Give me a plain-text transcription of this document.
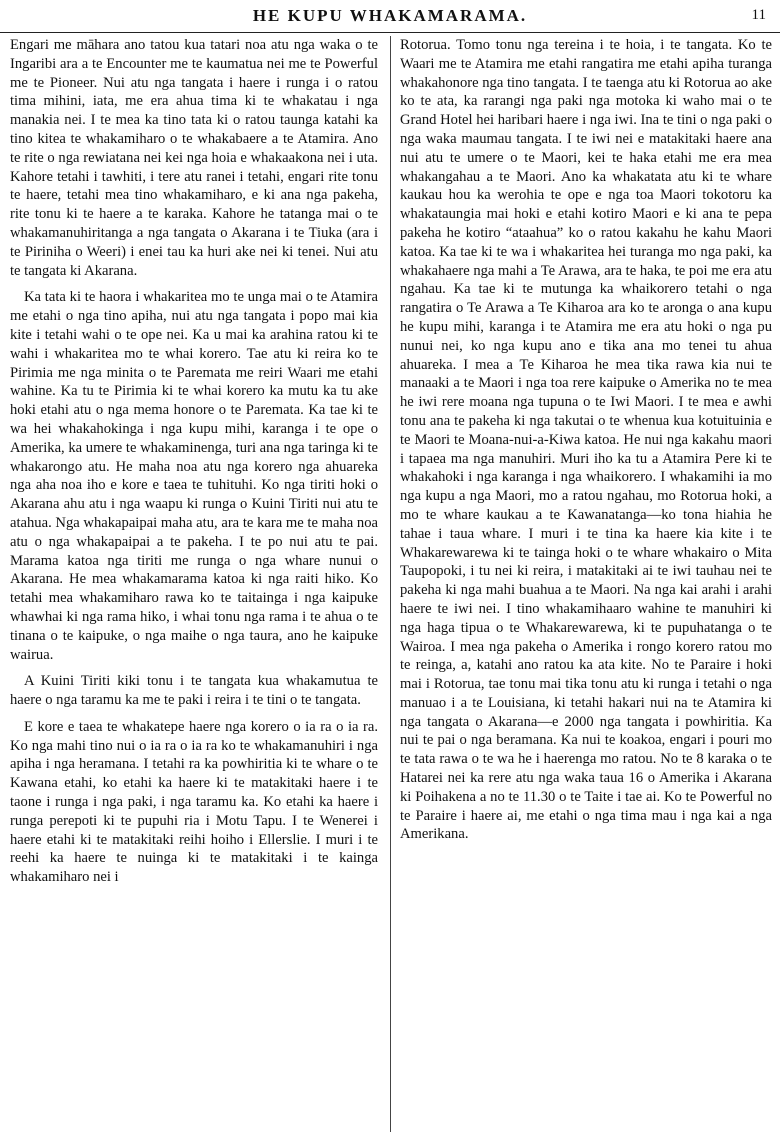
HE KUPU WHAKAMARAMA.	11

Engari me māhara ano tatou kua tatari noa atu nga waka o te Ingaribi ara a te Encounter me te kaumatua nei me te Powerful me te Pioneer. Nui atu nga tangata i haere i runga i o ratou tima mihini, iata, me era ahua tima ki te whakatau i nga manakia nei. I te mea ka tino tata ki o ratou taunga katahi ka tino kitea te whakamiharo o te whakabaere a te Atamira. Ano te rite o nga rewiatana nei kei nga hoia e whakaakona nei i uta. Kahore tetahi i tawhiti, i tere atu ranei i tetahi, engari rite tonu te haere, tetahi mea tino whakamiharo, e ki ana nga pakeha, rite tonu ki te haere a te karaka. Kahore he tatanga mai o te whakamanuhiritanga a nga tangata o Akarana i te Tiuka (ara i te Piriniha o Weeri) i enei tau ka huri ake nei ki tenei. Nui atu te tangata ki Akarana.

Ka tata ki te haora i whakaritea mo te unga mai o te Atamira me etahi o nga tino apiha, nui atu nga tangata i popo mai kia kite i tetahi wahi o te ope nei. Ka u mai ka arahina ratou ki te wahi i whakaritea mo te whai korero. Tae atu ki reira ko te Pirimia me nga minita o te Paremata me reiri Waari me etahi wahine. Ka tu te Pirimia ki te whai korero ka mutu ka tu ake hoki etahi atu o nga mema honore o te Paremata. Ka tae ki te wa hei whakahokinga i nga kupu mihi, karanga i te ope o Amerika, ka umere te whakaminenga, turi ana nga taringa ki te whakarongo atu. He maha noa atu nga korero nga ahuareka nga aha noa iho e kore e taea te tuhituhi. Ko nga tiriti hoki o Akarana ahu atu i nga waapu ki runga o Kuini Tiriti nui atu te atahua. Nga whakapaipai maha atu, ara te kara me te maha noa atu o nga whakapaipai a te pakeha. I te po nui atu te pai. Marama katoa nga tiriti me runga o nga whare nunui o Akarana. He mea whakamarama katoa ki nga raiti hiko. Ko tetahi mea whakamiharo rawa ko te taitainga i nga kaipuke whawhai ki nga rama hiko, i whai tonu nga rama i te ahua o te tinana o te kaipuke, o nga maihe o nga taura, ano he kaipuke wairua.

A Kuini Tiriti kiki tonu i te tangata kua whakamutua te haere o nga taramu ka me te paki i reira i te tini o te tangata.

E kore e taea te whakatepe haere nga korero o ia ra o ia ra. Ko nga mahi tino nui o ia ra o ia ra ko te whakamanuhiri i nga apiha i nga heramana. I tetahi ra ka powhiritia ki te whare o te Kawana etahi, ko etahi ka haere ki te matakitaki haere i te taone i runga i nga paki, i nga taramu ka. Ko etahi ka haere i runga perepoti ki te pupuhi ria i Motu Tapu. I te Wenerei i haere etahi ki te matakitaki reihi hoiho i Ellerslie. I muri i te reehi ka haere te nuinga ki te matakitaki i te kainga whakamiharo nei i

Rotorua. Tomo tonu nga tereina i te hoia, i te tangata. Ko te Waari me te Atamira me etahi rangatira me etahi apiha turanga whakahonore nga tino tangata. I te taenga atu ki Rotorua ao ake ko te ata, ka rarangi nga paki nga motoka ki waho mai o te Grand Hotel hei haribari haere i nga iwi. Ina te tini o nga paki o nga waka maumau tangata. I te iwi nei e matakitaki haere ana nui atu te umere o te Maori, kei te haka etahi me era mea whakangahau a te Maori. Ano ka whakatata atu ki te whare kaukau hou ka werohia te ope e nga toa Maori tokotoru ka whakataungia mai hoki e etahi kotiro Maori e ki ana te pepa pakeha he kotiro “ataahua” ko o ratou kakahu he kahu Maori katoa. Ka tae ki te wa i whakaritea hei turanga mo nga paki, ka whakahaere nga mahi a Te Arawa, ara te haka, te poi me era atu ngahau. Ka tae ki te mutunga ka whaikorero tetahi o nga rangatira o Te Arawa a Te Kiharoa ara ko te aronga o ana kupu he kupu mihi, karanga i te Atamira me era atu hoki o nga pu nunui nei, ko nga kupu ano e tika ana mo tenei tu ahua ahuareka. I mea a Te Kiharoa he mea tika rawa kia nui te manaaki a te Maori i nga toa rere kaipuke o Amerika no te mea he iwi rere moana nga tupuna o te Iwi Maori. I te mea e awhi tonu ana te pakeha ki nga takutai o te whenua kua kotuituinia e te Maori te Moana-nui-a-Kiwa katoa. He nui nga kakahu maori i tapaea ma nga manuhiri. Muri iho ka tu a Atamira Pere ki te whakahoki i nga karanga i nga whaikorero. I whakamihi ia mo nga kupu a nga Maori, mo a ratou ngahau, mo Rotorua hoki, a mo te whare kaukau a te Kawanatanga—ko tona hiahia he tahae i taua whare. I muri i te tina ka haere kia kite i te Whakarewarewa ki te tainga hoki o te whare whakairo o Mita Taupopoki, i tu nei ki reira, i matakitaki ai te iwi tauhau nei te pakeha ki nga mahi buahua a te Maori. Na nga kai arahi i arahi haere te iwi nei. I tino whakamihaaro wahine te manuhiri ki nga haga tipua o te Whakarewarewa, ki te pupuhatanga o te Wairoa. I mea nga pakeha o Amerika i rongo korero ratou mo te reinga, a, katahi ano ratou ka ata kite. No te Paraire i hoki mai i Rotorua, tae tonu mai tika tonu atu ki runga i tetahi o nga manuao i a te Louisiana, ki tetahi hakari nui na te Atamira ki nga tangata o Akarana—e 2000 nga tangata i powhiritia. Ka nui te pai o nga beramana. Ka nui te koakoa, engari i pouri mo te tata rawa o te wa he i haerenga mo ratou. No te 8 karaka o te Hatarei nei ka rere atu nga waka taua 16 o Amerika i Akarana ki Poihakena a no te 11.30 o te Taite i tae ai. Ko te Powerful no te Paraire i haere ai, me etahi o nga tima mau i nga kai a nga Amerikana.
